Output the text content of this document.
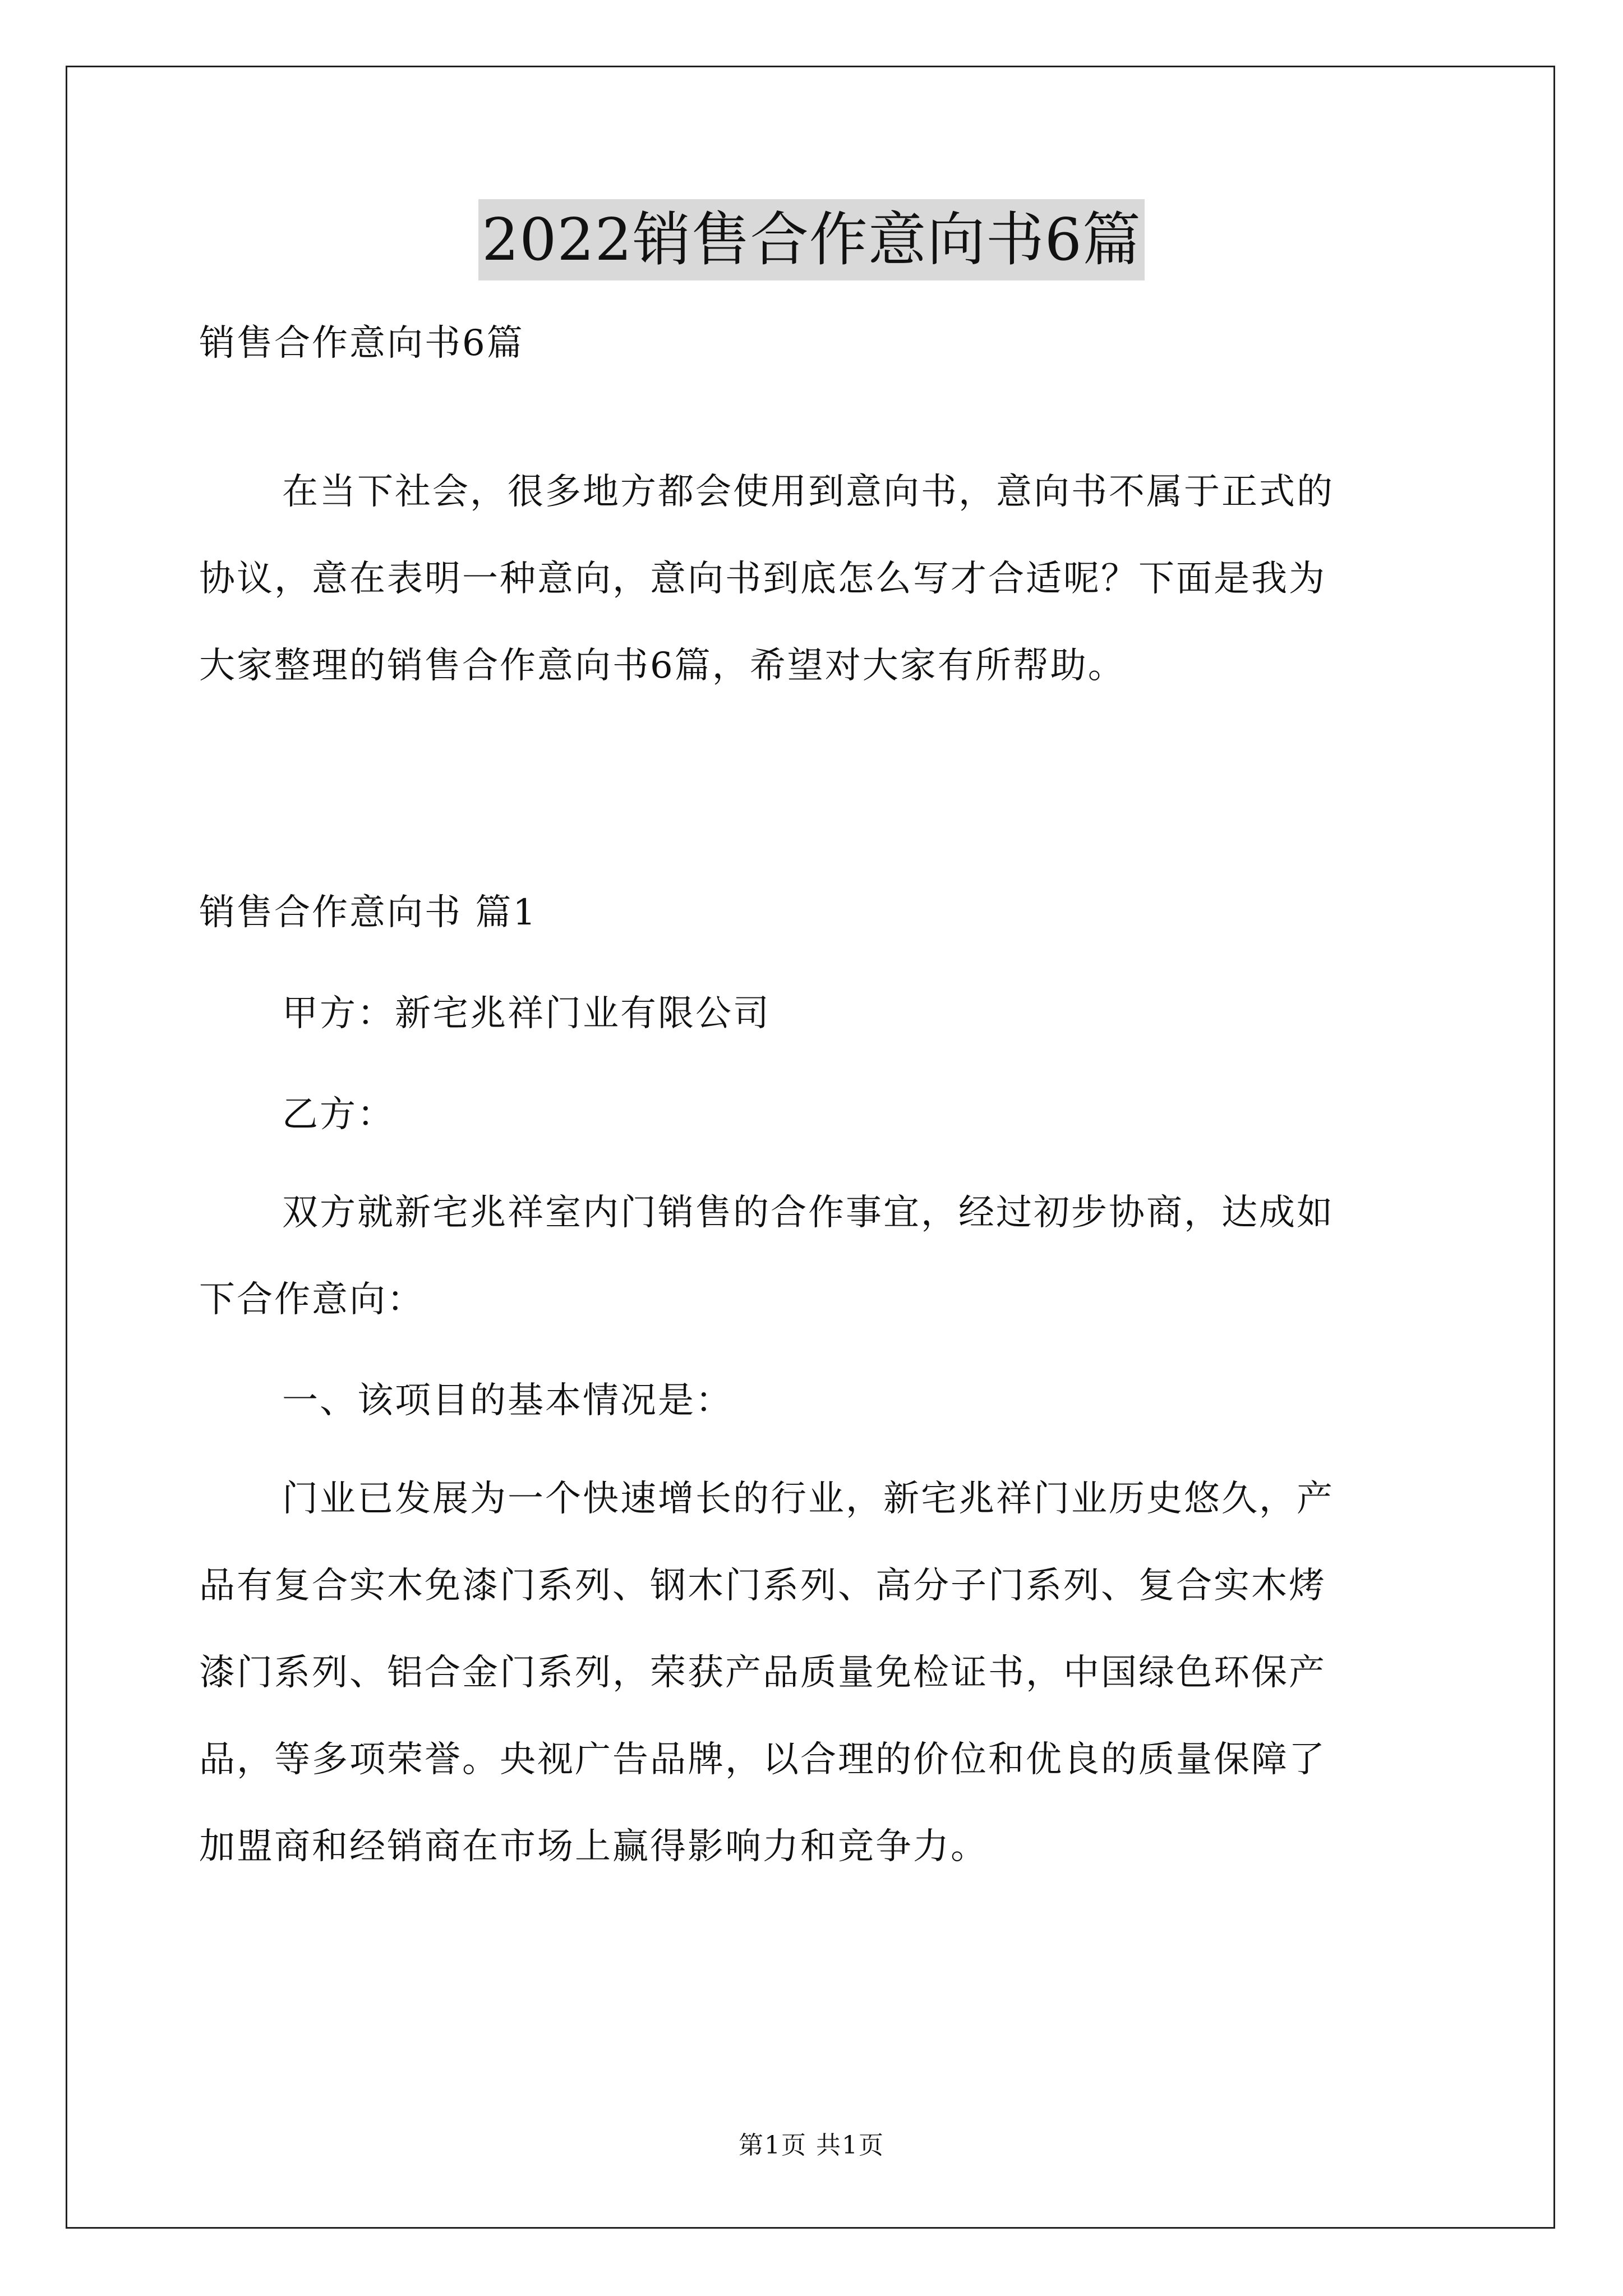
2022销售合作意向书6篇
销售合作意向书6篇
在当下社会，很多地方都会使用到意向书，意向书不属于正式的
协议，意在表明一种意向，意向书到底怎么写才合适呢？下面是我为
大家整理的销售合作意向书6篇，希望对大家有所帮助。
销售合作意向书 篇1
甲方：新宅兆祥门业有限公司
乙方：
双方就新宅兆祥室内门销售的合作事宜，经过初步协商，达成如
下合作意向：
一、该项目的基本情况是：
门业已发展为一个快速增长的行业，新宅兆祥门业历史悠久，产
品有复合实木免漆门系列、钢木门系列、高分子门系列、复合实木烤
漆门系列、铝合金门系列，荣获产品质量免检证书，中国绿色环保产
品，等多项荣誉。央视广告品牌，以合理的价位和优良的质量保障了
加盟商和经销商在市场上赢得影响力和竞争力。
第1页 共1页
